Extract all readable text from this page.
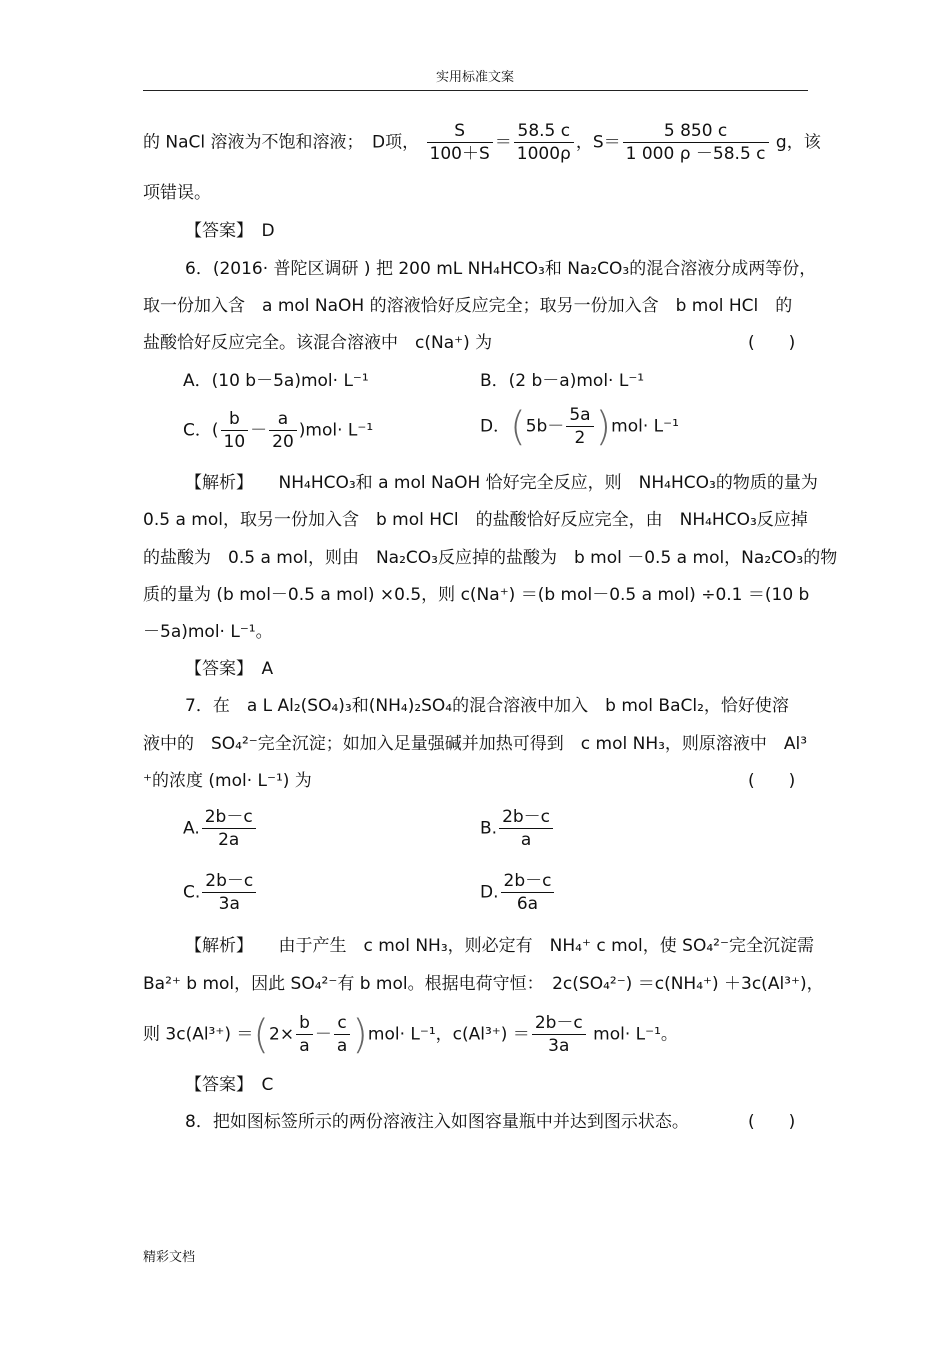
实用标准文案
的 NaCl 溶液为不饱和溶液；　D项， $\frac{S}{100+S} = \frac{58.5 c}{1000\rho}$ ，$S= \frac{5 850 c}{1 000 \rho -58.5 c}$ g，该
项错误。
【答案】　 D
6．(2016· 普陀区调研 ) 把 200 mL NH₄HCO₃和 Na₂CO₃的混合溶液分成两等份，
取一份加入含　a mol NaOH 的溶液恰好反应完全；取另一份加入含　b mol HCl　的
盐酸恰好反应完全。该混合溶液中　c(Na⁺) 为	(　　)
A．(10 b－5a)mol· L⁻¹	B．(2 b－a)mol· L⁻¹
C．( $\frac{b}{10} - \frac{a}{20} )mol\cdot L^{-1}$	D．$(5b- \frac{5a}{2} )mol\cdot L^{-1}$
【解析】　　 NH₄HCO₃和 a mol NaOH 恰好完全反应，则　NH₄HCO₃的物质的量为
0.5 a mol，取另一份加入含　b mol HCl　的盐酸恰好反应完全，由　NH₄HCO₃反应掉
的盐酸为　0.5 a mol，则由　Na₂CO₃反应掉的盐酸为　b mol －0.5 a mol，Na₂CO₃的物
质的量为 (b mol－0.5 a mol) ×0.5，则 c(Na⁺) ＝(b mol－0.5 a mol) ÷0.1 ＝(10 b
－5a)mol· L⁻¹。
【答案】　 A
7．在　a L Al₂(SO₄)₃和(NH₄)₂SO₄的混合溶液中加入　b mol BaCl₂，恰好使溶
液中的　SO₄²⁻完全沉淀；如加入足量强碱并加热可得到　c mol NH₃，则原溶液中　Al³
⁺的浓度 (mol· L⁻¹) 为	(　　)
A. $\frac{2b-c}{2a}$	B. $\frac{2b-c}{a}$
C. $\frac{2b-c}{3a}$	D. $\frac{2b-c}{6a}$
【解析】　　 由于产生　c mol NH₃，则必定有　NH₄⁺ c mol，使 SO₄²⁻完全沉淀需
Ba²⁺ b mol，因此 SO₄²⁻有 b mol。根据电荷守恒：　2c(SO₄²⁻) ＝c(NH₄⁺) ＋3c(Al³⁺)，
则 $3c(Al^{3+}) =(2\times \frac{b}{a} - \frac{c}{a} )mol\cdot L^{-1}$，$c(Al^{3+}) = \frac{2b-c}{3a} mol\cdot L^{-1}$。
【答案】　 C
8．把如图标签所示的两份溶液注入如图容量瓶中并达到图示状态。	(　　)
精彩文档
